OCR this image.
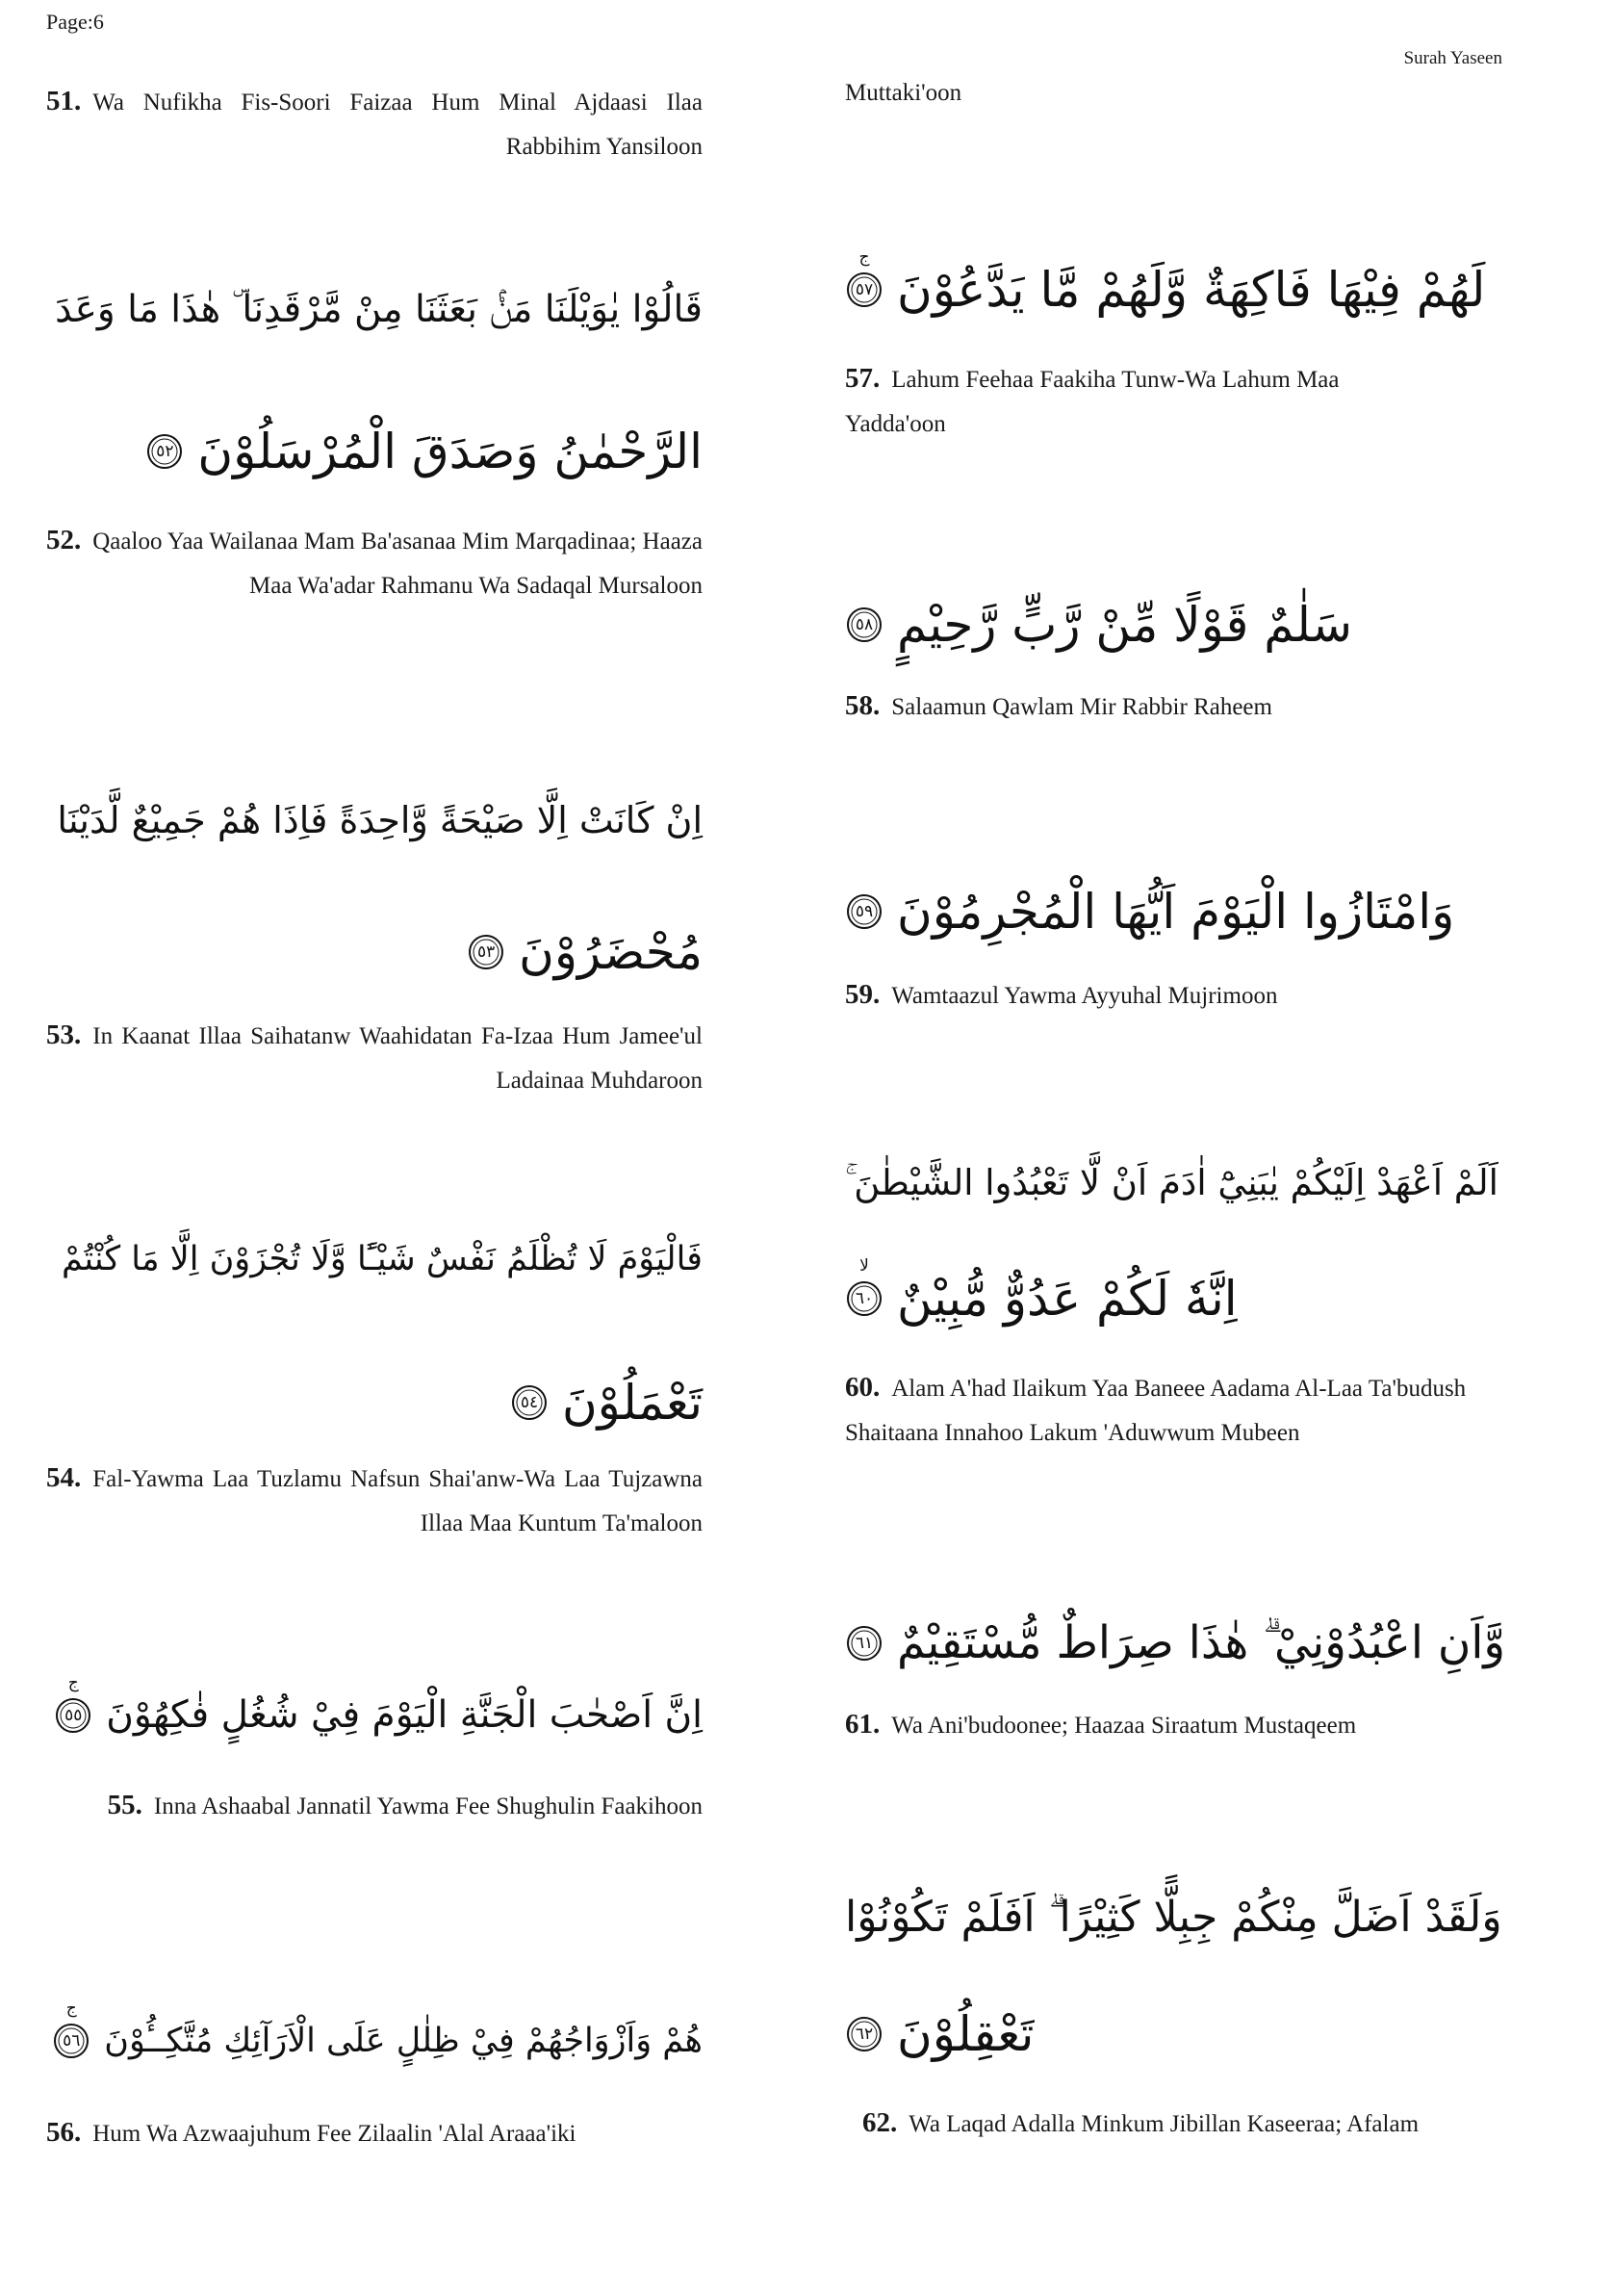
Page:6
Surah Yaseen
51. Wa Nufikha Fis-Soori Faizaa Hum Minal Ajdaasi Ilaa Rabbihim Yansiloon
قَالُوْا يٰوَيْلَنَا مَنْۢ بَعَثَنَا مِنْ مَّرْقَدِنَا ۜ هٰذَا مَا وَعَدَ
الرَّحْمٰنُ وَصَدَقَ الْمُرْسَلُوْنَ
٥٢
52. Qaaloo Yaa Wailanaa Mam Ba'asanaa Mim Marqadinaa; Haaza Maa Wa'adar Rahmanu Wa Sadaqal Mursaloon
اِنْ كَانَتْ اِلَّا صَيْحَةً وَّاحِدَةً فَاِذَا هُمْ جَمِيْعٌ لَّدَيْنَا
مُحْضَرُوْنَ
٥٣
53. In Kaanat Illaa Saihatanw Waahidatan Fa-Izaa Hum Jamee'ul Ladainaa Muhdaroon
فَالْيَوْمَ لَا تُظْلَمُ نَفْسٌ شَيْـًٔا وَّلَا تُجْزَوْنَ اِلَّا مَا كُنْتُمْ
تَعْمَلُوْنَ
٥٤
54. Fal-Yawma Laa Tuzlamu Nafsun Shai'anw-Wa Laa Tujzawna Illaa Maa Kuntum Ta'maloon
اِنَّ اَصْحٰبَ الْجَنَّةِ الْيَوْمَ فِيْ شُغُلٍ فٰكِهُوْنَ
٥٥
ج
55. Inna Ashaabal Jannatil Yawma Fee Shughulin Faakihoon
هُمْ وَاَزْوَاجُهُمْ فِيْ ظِلٰلٍ عَلَى الْاَرَآئِكِ مُتَّكِــُٔوْنَ
٥٦
ج
56. Hum Wa Azwaajuhum Fee Zilaalin 'Alal Araaa'iki
Muttaki'oon
لَهُمْ فِيْهَا فَاكِهَةٌ وَّلَهُمْ مَّا يَدَّعُوْنَ
٥٧
ج
57. Lahum Feehaa Faakiha Tunw-Wa Lahum Maa Yadda'oon
سَلٰمٌ قَوْلًا مِّنْ رَّبٍّ رَّحِيْمٍ
٥٨
58. Salaamun Qawlam Mir Rabbir Raheem
وَامْتَازُوا الْيَوْمَ اَيُّهَا الْمُجْرِمُوْنَ
٥٩
59. Wamtaazul Yawma Ayyuhal Mujrimoon
اَلَمْ اَعْهَدْ اِلَيْكُمْ يٰبَنِيْٓ اٰدَمَ اَنْ لَّا تَعْبُدُوا الشَّيْطٰنَ ۚ
اِنَّهٗ لَكُمْ عَدُوٌّ مُّبِيْنٌ
٦٠
لا
60. Alam A'had Ilaikum Yaa Baneee Aadama Al-Laa Ta'budush Shaitaana Innahoo Lakum 'Aduwwum Mubeen
وَّاَنِ اعْبُدُوْنِيْ ۗ هٰذَا صِرَاطٌ مُّسْتَقِيْمٌ
٦١
61. Wa Ani'budoonee; Haazaa Siraatum Mustaqeem
وَلَقَدْ اَضَلَّ مِنْكُمْ جِبِلًّا كَثِيْرًا ۗ اَفَلَمْ تَكُوْنُوْا
تَعْقِلُوْنَ
٦٢
62. Wa Laqad Adalla Minkum Jibillan Kaseeraa; Afalam
